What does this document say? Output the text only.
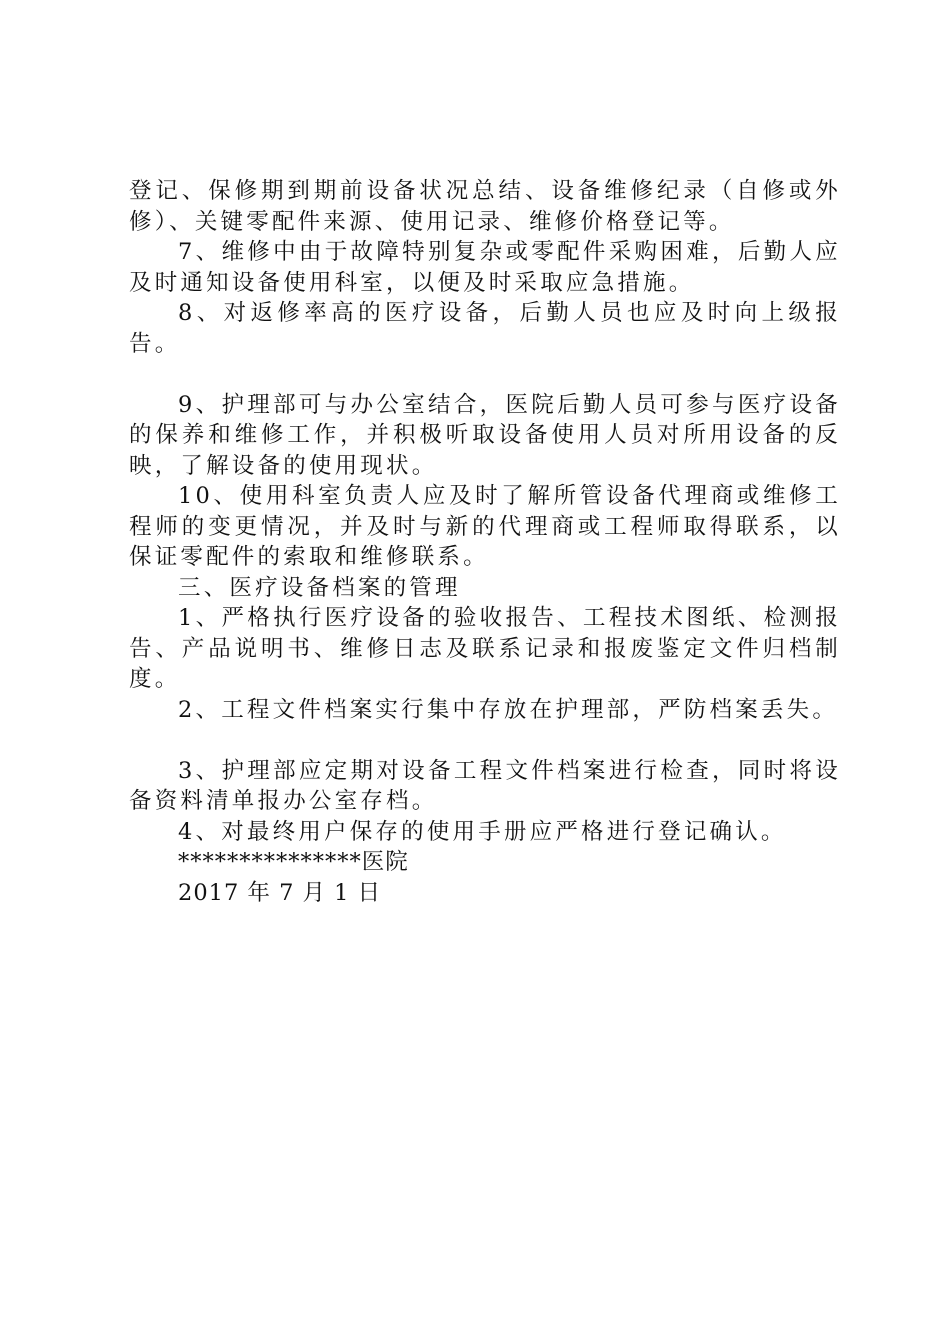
登记、保修期到期前设备状况总结、设备维修纪录（自修或外修）、关键零配件来源、使用记录、维修价格登记等。

7、维修中由于故障特别复杂或零配件采购困难，后勤人应及时通知设备使用科室，以便及时采取应急措施。

8、对返修率高的医疗设备，后勤人员也应及时向上级报告。

9、护理部可与办公室结合，医院后勤人员可参与医疗设备的保养和维修工作，并积极听取设备使用人员对所用设备的反映，了解设备的使用现状。

10、使用科室负责人应及时了解所管设备代理商或维修工程师的变更情况，并及时与新的代理商或工程师取得联系，以保证零配件的索取和维修联系。

三、医疗设备档案的管理

1、严格执行医疗设备的验收报告、工程技术图纸、检测报告、产品说明书、维修日志及联系记录和报废鉴定文件归档制度。

2、工程文件档案实行集中存放在护理部，严防档案丢失。

3、护理部应定期对设备工程文件档案进行检查，同时将设备资料清单报办公室存档。

4、对最终用户保存的使用手册应严格进行登记确认。

***************医院

2017 年 7 月 1 日
